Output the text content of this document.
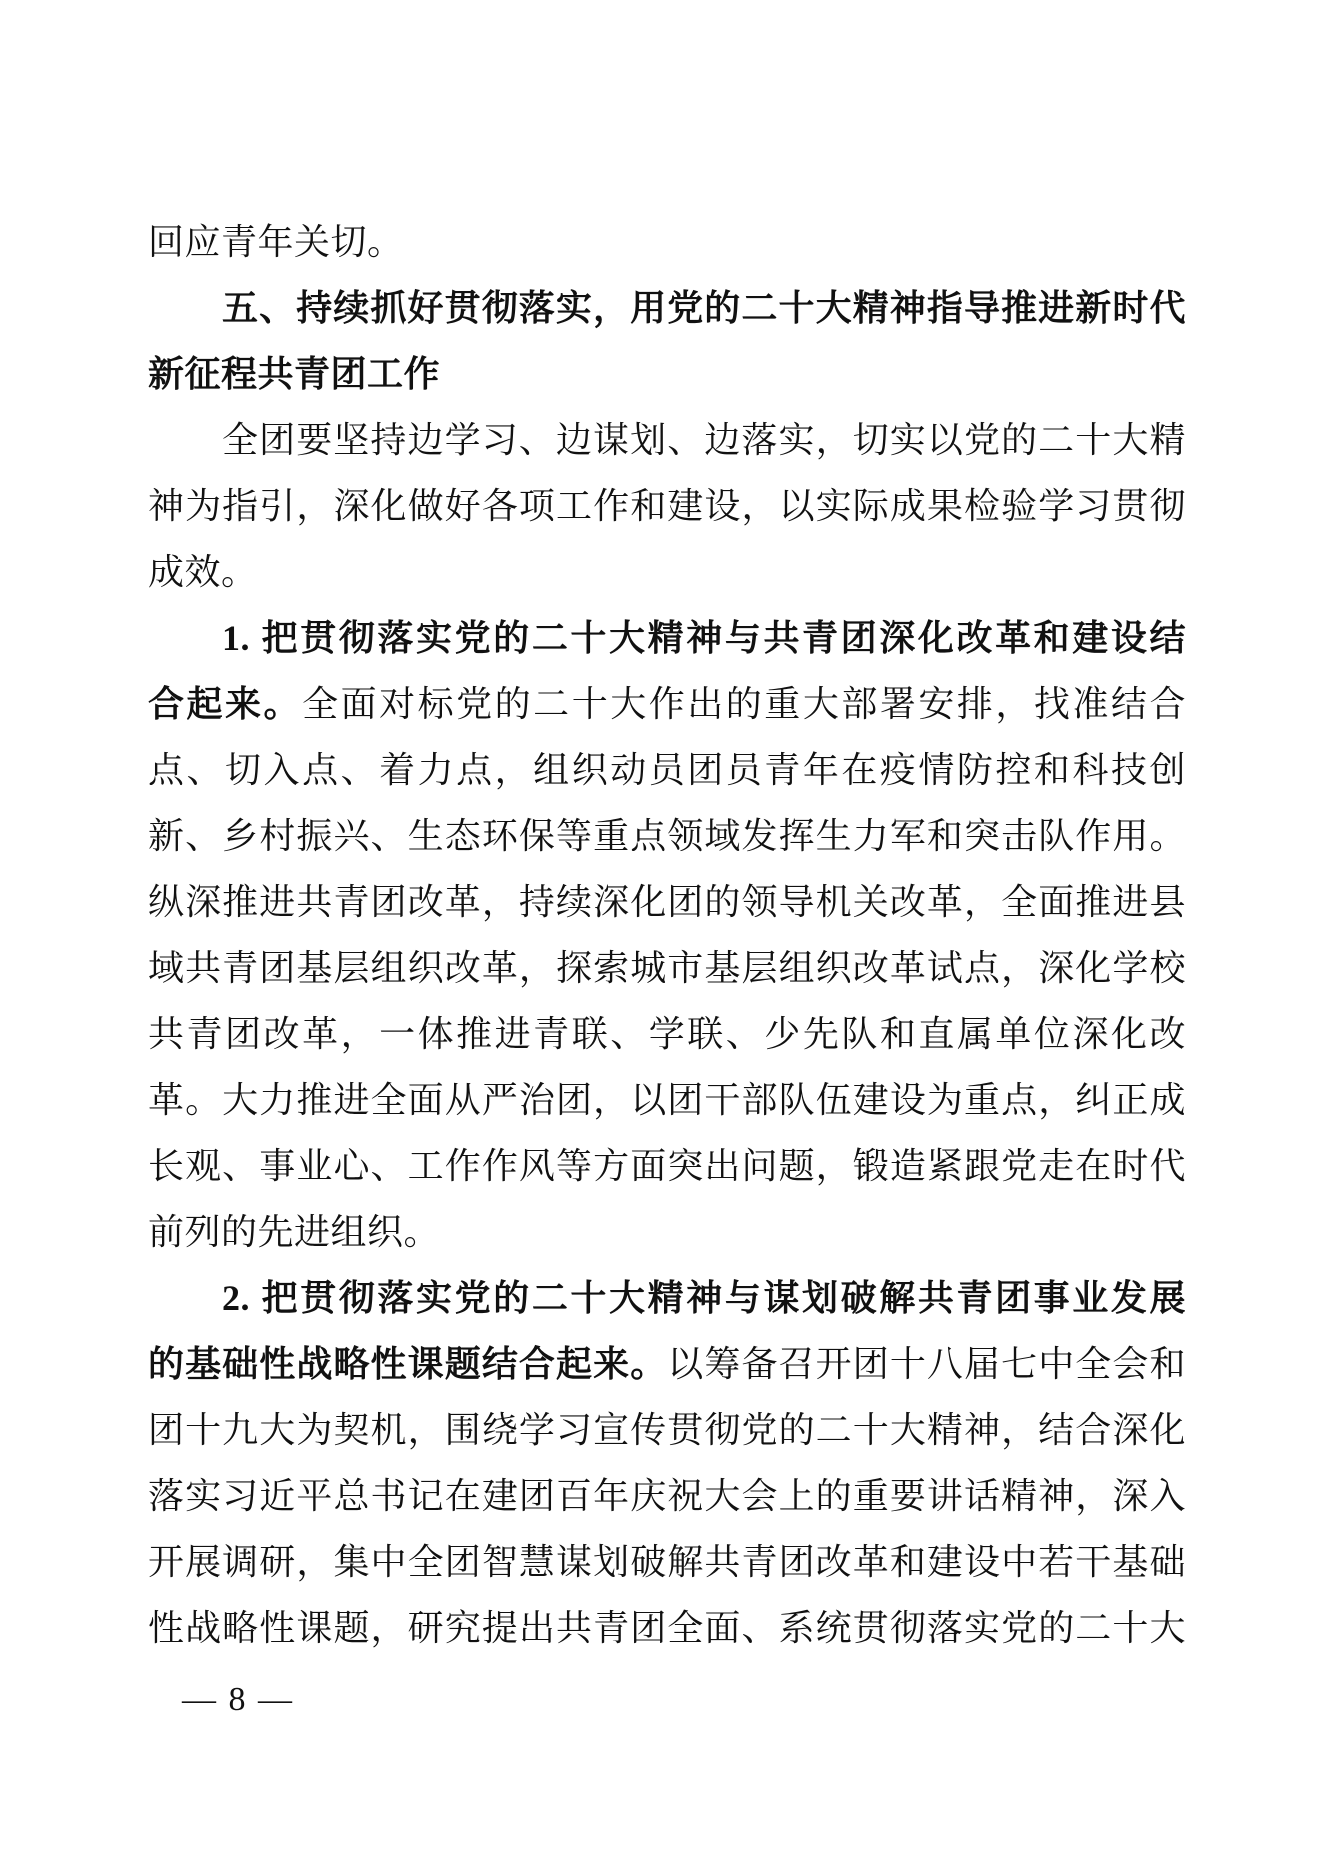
回应青年关切。
五、持续抓好贯彻落实，用党的二十大精神指导推进新时代
新征程共青团工作
全团要坚持边学习、边谋划、边落实，切实以党的二十大精
神为指引，深化做好各项工作和建设，以实际成果检验学习贯彻
成效。
1. 把贯彻落实党的二十大精神与共青团深化改革和建设结
合起来。全面对标党的二十大作出的重大部署安排，找准结合
点、切入点、着力点，组织动员团员青年在疫情防控和科技创
新、乡村振兴、生态环保等重点领域发挥生力军和突击队作用。
纵深推进共青团改革，持续深化团的领导机关改革，全面推进县
域共青团基层组织改革，探索城市基层组织改革试点，深化学校
共青团改革，一体推进青联、学联、少先队和直属单位深化改
革。大力推进全面从严治团，以团干部队伍建设为重点，纠正成
长观、事业心、工作作风等方面突出问题，锻造紧跟党走在时代
前列的先进组织。
2. 把贯彻落实党的二十大精神与谋划破解共青团事业发展
的基础性战略性课题结合起来。以筹备召开团十八届七中全会和
团十九大为契机，围绕学习宣传贯彻党的二十大精神，结合深化
落实习近平总书记在建团百年庆祝大会上的重要讲话精神，深入
开展调研，集中全团智慧谋划破解共青团改革和建设中若干基础
性战略性课题，研究提出共青团全面、系统贯彻落实党的二十大
— 8 —
